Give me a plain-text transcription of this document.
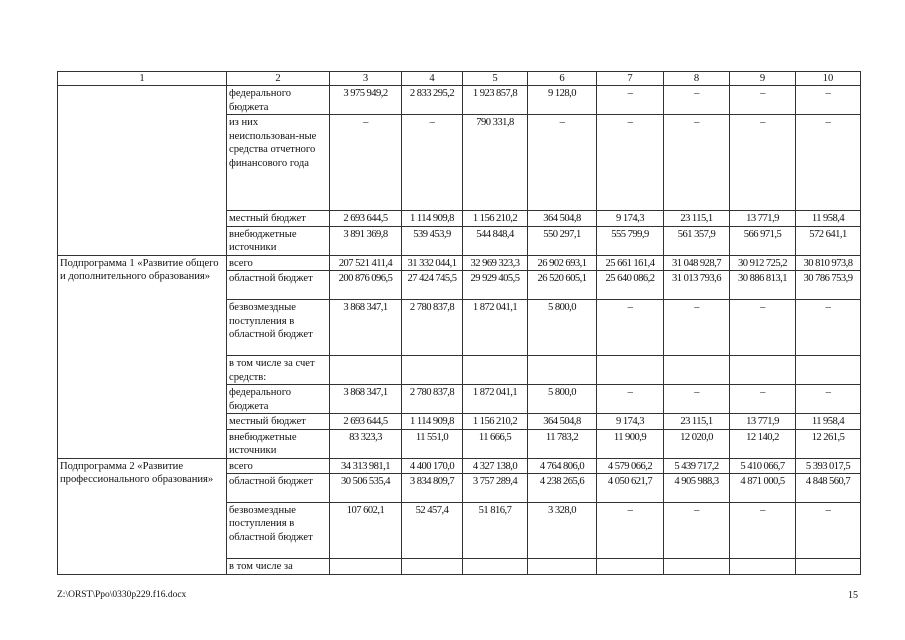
1	2	3	4	5	6	7	8	9	10
	федерального бюджета	3 975 949,2	2 833 295,2	1 923 857,8	9 128,0	–	–	–	–
	из них неиспользован-ные средства отчетного финансового года	–	–	790 331,8	–	–	–	–	–
	местный бюджет	2 693 644,5	1 114 909,8	1 156 210,2	364 504,8	9 174,3	23 115,1	13 771,9	11 958,4
	внебюджетные источники	3 891 369,8	539 453,9	544 848,4	550 297,1	555 799,9	561 357,9	566 971,5	572 641,1
Подпрограмма 1 «Развитие общего и дополнительного образования»	всего	207 521 411,4	31 332 044,1	32 969 323,3	26 902 693,1	25 661 161,4	31 048 928,7	30 912 725,2	30 810 973,8
	областной бюджет	200 876 096,5	27 424 745,5	29 929 405,5	26 520 605,1	25 640 086,2	31 013 793,6	30 886 813,1	30 786 753,9
	безвозмездные поступления в областной бюджет	3 868 347,1	2 780 837,8	1 872 041,1	5 800,0	–	–	–	–
	в том числе за счет средств:								
	федерального бюджета	3 868 347,1	2 780 837,8	1 872 041,1	5 800,0	–	–	–	–
	местный бюджет	2 693 644,5	1 114 909,8	1 156 210,2	364 504,8	9 174,3	23 115,1	13 771,9	11 958,4
	внебюджетные источники	83 323,3	11 551,0	11 666,5	11 783,2	11 900,9	12 020,0	12 140,2	12 261,5
Подпрограмма 2 «Развитие профессионального образования»	всего	34 313 981,1	4 400 170,0	4 327 138,0	4 764 806,0	4 579 066,2	5 439 717,2	5 410 066,7	5 393 017,5
	областной бюджет	30 506 535,4	3 834 809,7	3 757 289,4	4 238 265,6	4 050 621,7	4 905 988,3	4 871 000,5	4 848 560,7
	безвозмездные поступления в областной бюджет	107 602,1	52 457,4	51 816,7	3 328,0	–	–	–	–
	в том числе за								
Z:\ORST\Ppo\0330p229.f16.docx	15
